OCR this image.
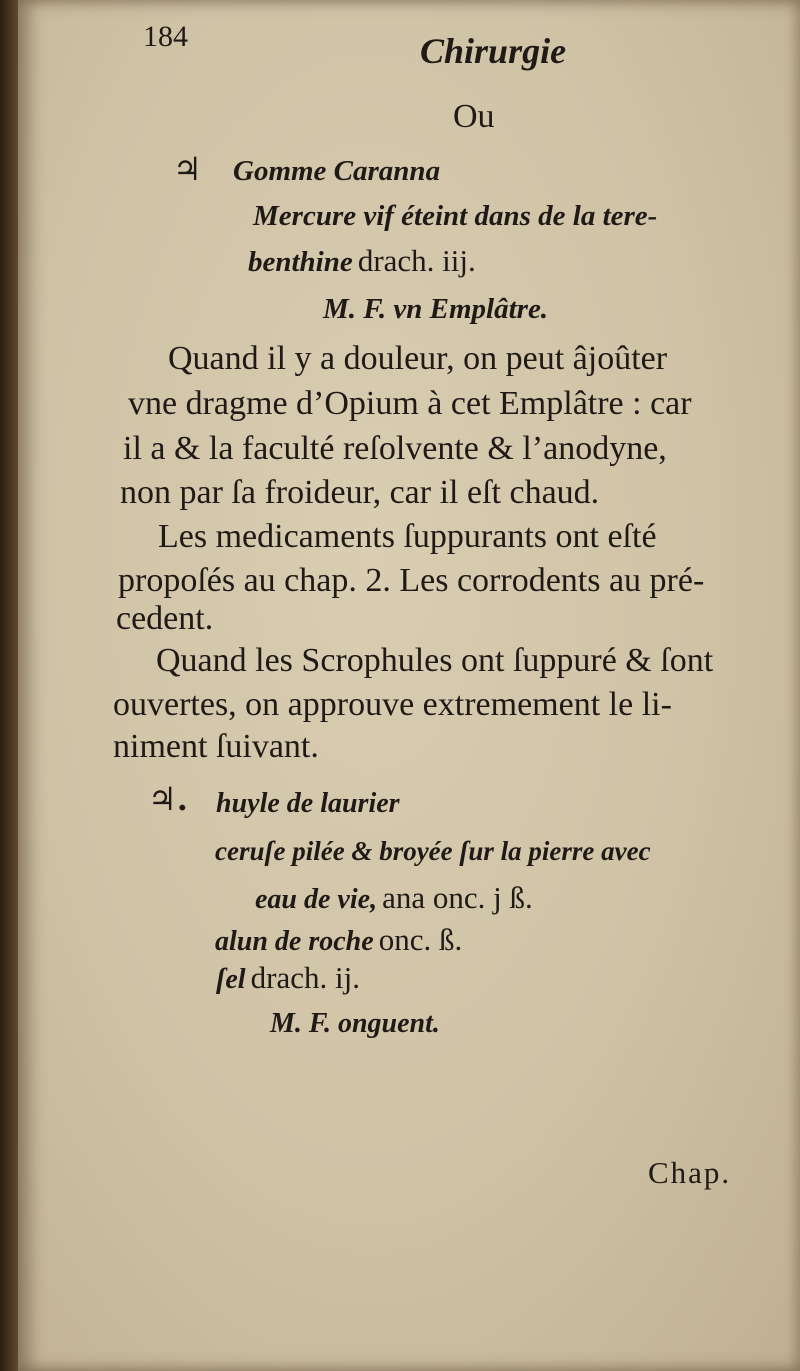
184	Chirurgie
Ou
♃ Gomme Caranna
Mercure vif éteint dans de la tere-
benthine drach. iij.
M. F. vn Emplâtre.
Quand il y a douleur, on peut âjoûter
vne dragme d’Opium à cet Emplâtre : car
il a & la faculté reſolvente & l’anodyne,
non par ſa froideur, car il eſt chaud.
Les medicaments ſuppurants ont eſté
propoſés au chap. 2. Les corrodents au pré-
cedent.
Quand les Scrophules ont ſuppuré & ſont
ouvertes, on approuve extremement le li-
niment ſuivant.
♃. huyle de laurier
ceruſe pilée & broyée ſur la pierre avec
eau de vie, ana onc. j ß.
alun de roche onc. ß.
ſel drach. ij.
M. F. onguent.
Chap.
